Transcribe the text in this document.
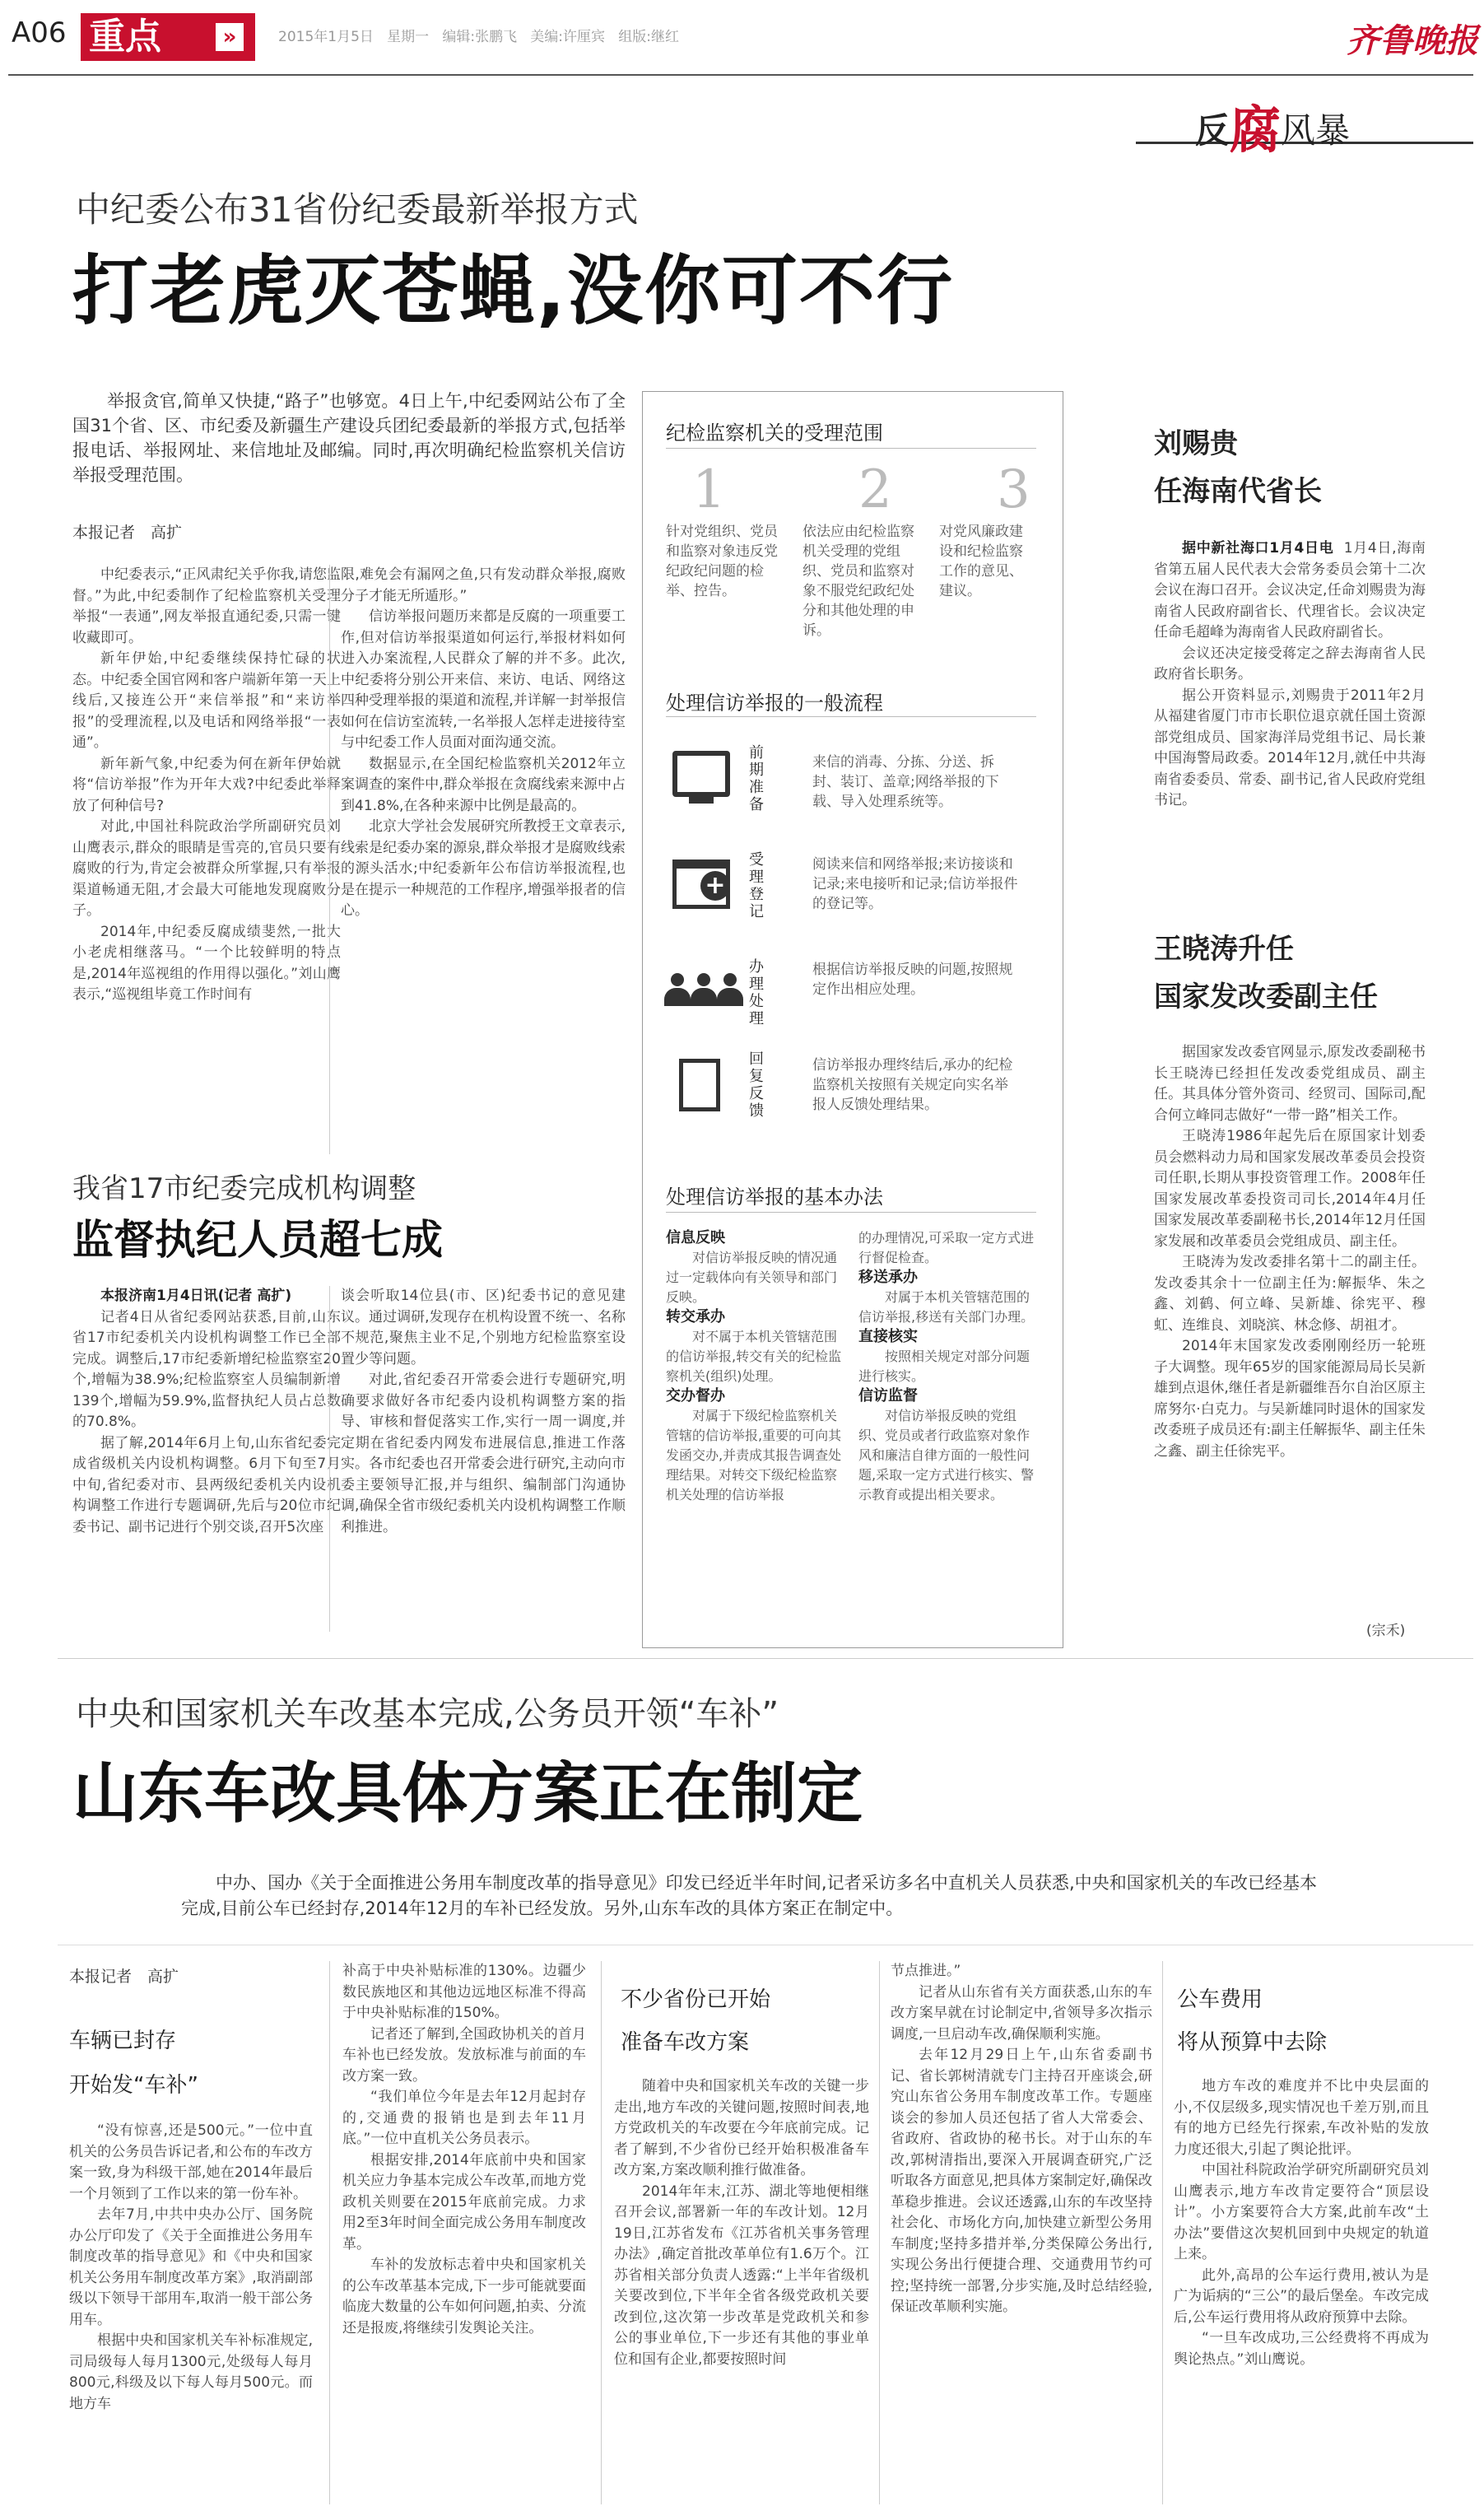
A06 重点	»	2015年1月5日 星期一 编辑:张鹏飞 美编:许厘宾 组版:继红	齐鲁晚报
反腐风暴
中纪委公布31省份纪委最新举报方式
打老虎灭苍蝇,没你可不行

举报贪官,简单又快捷,“路子”也够宽。4日上午,中纪委网站公布了全国31个省、区、市纪委及新疆生产建设兵团纪委最新的举报方式,包括举报电话、举报网址、来信地址及邮编。同时,再次明确纪检监察机关信访举报受理范围。

本报记者　高扩

中纪委表示,“正风肃纪关乎你我,请您监督。”为此,中纪委制作了纪检监察机关受理举报“一表通”,网友举报直通纪委,只需一键收藏即可。

新年伊始,中纪委继续保持忙碌的状态。中纪委全国官网和客户端新年第一天上线后,又接连公开“来信举报”和“来访举报”的受理流程,以及电话和网络举报“一表通”。

新年新气象,中纪委为何在新年伊始就将“信访举报”作为开年大戏?中纪委此举释放了何种信号?

对此,中国社科院政治学所副研究员刘山鹰表示,群众的眼睛是雪亮的,官员只要有腐败的行为,肯定会被群众所掌握,只有举报渠道畅通无阻,才会最大可能地发现腐败分子。

2014年,中纪委反腐成绩斐然,一批大小老虎相继落马。“一个比较鲜明的特点是,2014年巡视组的作用得以强化。”刘山鹰表示,“巡视组毕竟工作时间有

限,难免会有漏网之鱼,只有发动群众举报,腐败分子才能无所遁形。”

信访举报问题历来都是反腐的一项重要工作,但对信访举报渠道如何运行,举报材料如何进入办案流程,人民群众了解的并不多。此次,中纪委将分别公开来信、来访、电话、网络这四种受理举报的渠道和流程,并详解一封举报信如何在信访室流转,一名举报人怎样走进接待室与中纪委工作人员面对面沟通交流。

数据显示,在全国纪检监察机关2012年立案调查的案件中,群众举报在贪腐线索来源中占到41.8%,在各种来源中比例是最高的。

北京大学社会发展研究所教授王文章表示,线索是纪委办案的源泉,群众举报才是腐败线索的源头活水;中纪委新年公布信访举报流程,也是在提示一种规范的工作程序,增强举报者的信心。

我省17市纪委完成机构调整
监督执纪人员超七成

本报济南1月4日讯(记者 高扩)

记者4日从省纪委网站获悉,目前,山东省17市纪委机关内设机构调整工作已全部完成。调整后,17市纪委新增纪检监察室20个,增幅为38.9%;纪检监察室人员编制新增139个,增幅为59.9%,监督执纪人员占总数的70.8%。

据了解,2014年6月上旬,山东省纪委完成省级机关内设机构调整。6月下旬至7月中旬,省纪委对市、县两级纪委机关内设机构调整工作进行专题调研,先后与20位市纪委书记、副书记进行个别交谈,召开5次座

谈会听取14位县(市、区)纪委书记的意见建议。通过调研,发现存在机构设置不统一、名称不规范,聚焦主业不足,个别地方纪检监察室设置少等问题。

对此,省纪委召开常委会进行专题研究,明确要求做好各市纪委内设机构调整方案的指导、审核和督促落实工作,实行一周一调度,并定期在省纪委内网发布进展信息,推进工作落实。各市纪委也召开常委会进行研究,主动向市委主要领导汇报,并与组织、编制部门沟通协调,确保全省市级纪委机关内设机构调整工作顺利推进。

纪检监察机关的受理范围
1
针对党组织、党员和监察对象违反党纪政纪问题的检举、控告。
2
依法应由纪检监察机关受理的党组织、党员和监察对象不服党纪政纪处分和其他处理的申诉。
3
对党风廉政建设和纪检监察工作的意见、建议。
处理信访举报的一般流程
前期准备
来信的消毒、分拣、分送、拆封、装订、盖章;网络举报的下载、导入处理系统等。
+
受理登记
阅读来信和网络举报;来访接谈和记录;来电接听和记录;信访举报件的登记等。
办理处理
根据信访举报反映的问题,按照规定作出相应处理。
回复反馈
信访举报办理终结后,承办的纪检监察机关按照有关规定向实名举报人反馈处理结果。
处理信访举报的基本办法
信息反映
对信访举报反映的情况通过一定载体向有关领导和部门反映。
转交承办
对不属于本机关管辖范围的信访举报,转交有关的纪检监察机关(组织)处理。
交办督办
对属于下级纪检监察机关管辖的信访举报,重要的可向其发函交办,并责成其报告调查处理结果。对转交下级纪检监察机关处理的信访举报
的办理情况,可采取一定方式进行督促检查。
移送承办
对属于本机关管辖范围的信访举报,移送有关部门办理。
直接核实
按照相关规定对部分问题进行核实。
信访监督
对信访举报反映的党组织、党员或者行政监察对象作风和廉洁自律方面的一般性问题,采取一定方式进行核实、警示教育或提出相关要求。
刘赐贵
任海南代省长

据中新社海口1月4日电 1月4日,海南省第五届人民代表大会常务委员会第十二次会议在海口召开。会议决定,任命刘赐贵为海南省人民政府副省长、代理省长。会议决定任命毛超峰为海南省人民政府副省长。

会议还决定接受蒋定之辞去海南省人民政府省长职务。

据公开资料显示,刘赐贵于2011年2月从福建省厦门市市长职位退京就任国土资源部党组成员、国家海洋局党组书记、局长兼中国海警局政委。2014年12月,就任中共海南省委委员、常委、副书记,省人民政府党组书记。

王晓涛升任
国家发改委副主任

据国家发改委官网显示,原发改委副秘书长王晓涛已经担任发改委党组成员、副主任。其具体分管外资司、经贸司、国际司,配合何立峰同志做好“一带一路”相关工作。

王晓涛1986年起先后在原国家计划委员会燃料动力局和国家发展改革委员会投资司任职,长期从事投资管理工作。2008年任国家发展改革委投资司司长,2014年4月任国家发展改革委副秘书长,2014年12月任国家发展和改革委员会党组成员、副主任。

王晓涛为发改委排名第十二的副主任。发改委其余十一位副主任为:解振华、朱之鑫、刘鹤、何立峰、吴新雄、徐宪平、穆虹、连维良、刘晓滨、林念修、胡祖才。

2014年末国家发改委刚刚经历一轮班子大调整。现年65岁的国家能源局局长吴新雄到点退休,继任者是新疆维吾尔自治区原主席努尔·白克力。与吴新雄同时退休的国家发改委班子成员还有:副主任解振华、副主任朱之鑫、副主任徐宪平。

(宗禾)
中央和国家机关车改基本完成,公务员开领“车补”
山东车改具体方案正在制定

中办、国办《关于全面推进公务用车制度改革的指导意见》印发已经近半年时间,记者采访多名中直机关人员获悉,中央和国家机关的车改已经基本完成,目前公车已经封存,2014年12月的车补已经发放。另外,山东车改的具体方案正在制定中。

本报记者　高扩
车辆已封存
开始发“车补”

“没有惊喜,还是500元。”一位中直机关的公务员告诉记者,和公布的车改方案一致,身为科级干部,她在2014年最后一个月领到了工作以来的第一份车补。

去年7月,中共中央办公厅、国务院办公厅印发了《关于全面推进公务用车制度改革的指导意见》和《中央和国家机关公务用车制度改革方案》,取消副部级以下领导干部用车,取消一般干部公务用车。

根据中央和国家机关车补标准规定,司局级每人每月1300元,处级每人每月800元,科级及以下每人每月500元。而地方车

补高于中央补贴标准的130%。边疆少数民族地区和其他边远地区标准不得高于中央补贴标准的150%。

记者还了解到,全国政协机关的首月车补也已经发放。发放标准与前面的车改方案一致。

“我们单位今年是去年12月起封存的,交通费的报销也是到去年11月底。”一位中直机关公务员表示。

根据安排,2014年底前中央和国家机关应力争基本完成公车改革,而地方党政机关则要在2015年底前完成。力求用2至3年时间全面完成公务用车制度改革。

车补的发放标志着中央和国家机关的公车改革基本完成,下一步可能就要面临庞大数量的公车如何问题,拍卖、分流还是报废,将继续引发舆论关注。

不少省份已开始
准备车改方案

随着中央和国家机关车改的关键一步走出,地方车改的关键问题,按照时间表,地方党政机关的车改要在今年底前完成。记者了解到,不少省份已经开始积极准备车改方案,方案改顺利推行做准备。

2014年年末,江苏、湖北等地便相继召开会议,部署新一年的车改计划。12月19日,江苏省发布《江苏省机关事务管理办法》,确定首批改革单位有1.6万个。江苏省相关部分负责人透露:“上半年省级机关要改到位,下半年全省各级党政机关要改到位,这次第一步改革是党政机关和参公的事业单位,下一步还有其他的事业单位和国有企业,都要按照时间

节点推进。”

记者从山东省有关方面获悉,山东的车改方案早就在讨论制定中,省领导多次指示调度,一旦启动车改,确保顺利实施。

去年12月29日上午,山东省委副书记、省长郭树清就专门主持召开座谈会,研究山东省公务用车制度改革工作。专题座谈会的参加人员还包括了省人大常委会、省政府、省政协的秘书长。对于山东的车改,郭树清指出,要深入开展调查研究,广泛听取各方面意见,把具体方案制定好,确保改革稳步推进。会议还透露,山东的车改坚持社会化、市场化方向,加快建立新型公务用车制度;坚持多措并举,分类保障公务出行,实现公务出行便捷合理、交通费用节约可控;坚持统一部署,分步实施,及时总结经验,保证改革顺利实施。

公车费用
将从预算中去除

地方车改的难度并不比中央层面的小,不仅层级多,现实情况也千差万别,而且有的地方已经先行探索,车改补贴的发放力度还很大,引起了舆论批评。

中国社科院政治学研究所副研究员刘山鹰表示,地方车改肯定要符合“顶层设计”。小方案要符合大方案,此前车改“土办法”要借这次契机回到中央规定的轨道上来。

此外,高昂的公车运行费用,被认为是广为诟病的“三公”的最后堡垒。车改完成后,公车运行费用将从政府预算中去除。

“一旦车改成功,三公经费将不再成为舆论热点。”刘山鹰说。
